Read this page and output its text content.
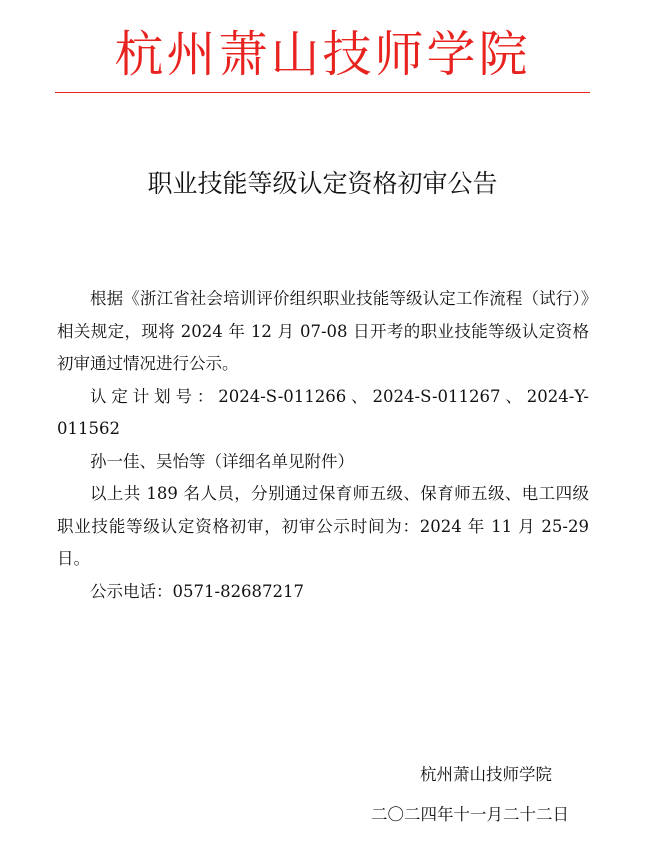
杭州萧山技师学院
职业技能等级认定资格初审公告

根据《浙江省社会培训评价组织职业技能等级认定工作流程（试行）》相关规定，现将 2024 年 12 月 07-08 日开考的职业技能等级认定资格初审通过情况进行公示。

认定计划号：2024-S-011266、2024-S-011267、2024-Y-011562

孙一佳、吴怡等（详细名单见附件）

以上共 189 名人员，分别通过保育师五级、保育师五级、电工四级职业技能等级认定资格初审，初审公示时间为：2024 年 11 月 25-29 日。

公示电话：0571-82687217

杭州萧山技师学院
二〇二四年十一月二十二日
